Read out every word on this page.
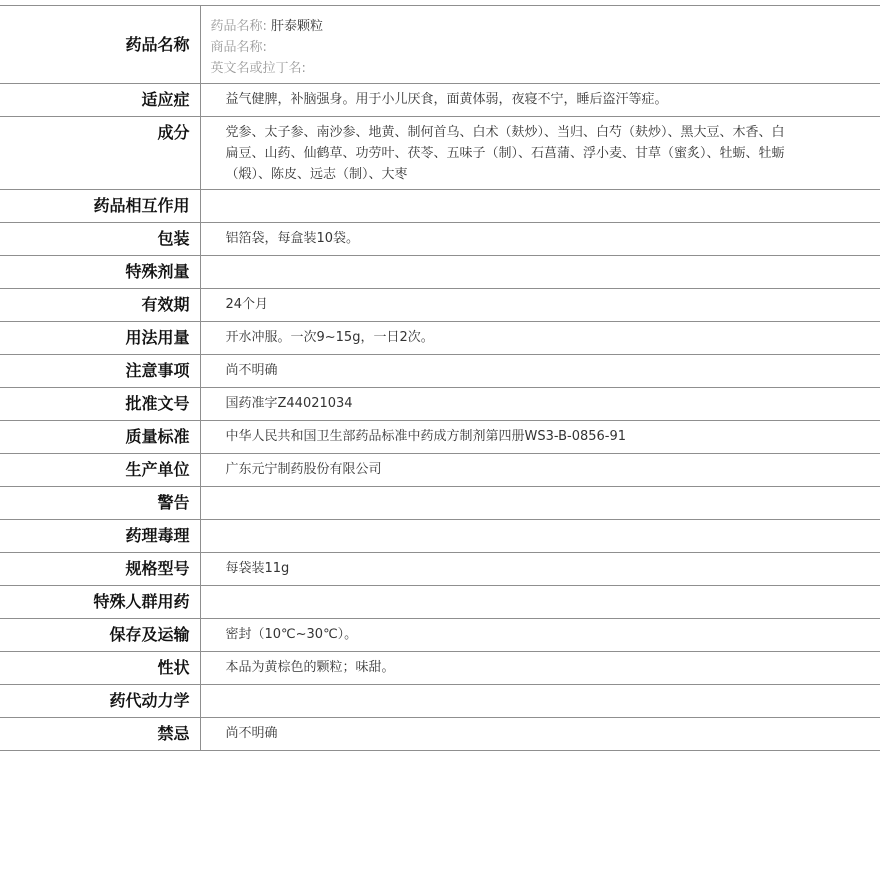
药品名称	药品名称: 肝泰颗粒
商品名称:
英文名或拉丁名:

适应症	益气健脾，补脑强身。用于小儿厌食，面黄体弱，夜寝不宁，睡后盗汗等症。
成分	党参、太子参、南沙参、地黄、制何首乌、白术（麸炒）、当归、白芍（麸炒）、黑大豆、木香、白扁豆、山药、仙鹤草、功劳叶、茯苓、五味子（制）、石菖蒲、浮小麦、甘草（蜜炙）、牡蛎、牡蛎（煅）、陈皮、远志（制）、大枣
药品相互作用	
包装	铝箔袋，每盒装10袋。
特殊剂量	
有效期	24个月
用法用量	开水冲服。一次9~15g，一日2次。
注意事项	尚不明确
批准文号	国药准字Z44021034
质量标准	中华人民共和国卫生部药品标准中药成方制剂第四册WS3-B-0856-91
生产单位	广东元宁制药股份有限公司
警告	
药理毒理	
规格型号	每袋装11g
特殊人群用药	
保存及运输	密封（10℃~30℃）。
性状	本品为黄棕色的颗粒；味甜。
药代动力学	
禁忌	尚不明确
